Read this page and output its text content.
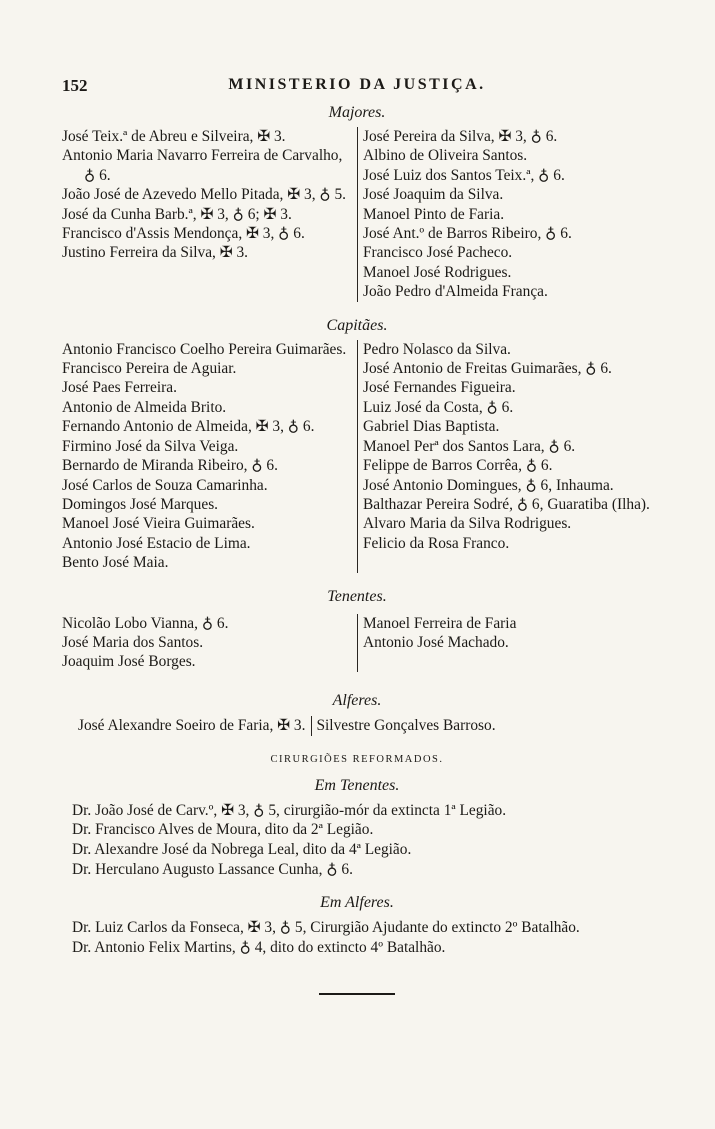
152	MINISTERIO DA JUSTIÇA.
Majores.
José Teix.ª de Abreu e Silveira, ✠ 3.
Antonio Maria Navarro Ferreira de Carvalho, ♁ 6.
João José de Azevedo Mello Pitada, ✠ 3, ♁ 5.
José da Cunha Barb.ª, ✠ 3, ♁ 6; ✠ 3.
Francisco d'Assis Mendonça, ✠ 3, ♁ 6.
Justino Ferreira da Silva, ✠ 3.
José Pereira da Silva, ✠ 3, ♁ 6.
Albino de Oliveira Santos.
José Luiz dos Santos Teix.ª, ♁ 6.
José Joaquim da Silva.
Manoel Pinto de Faria.
José Ant.º de Barros Ribeiro, ♁ 6.
Francisco José Pacheco.
Manoel José Rodrigues.
João Pedro d'Almeida França.
Capitães.
Antonio Francisco Coelho Pereira Guimarães.
Francisco Pereira de Aguiar.
José Paes Ferreira.
Antonio de Almeida Brito.
Fernando Antonio de Almeida, ✠ 3, ♁ 6.
Firmino José da Silva Veiga.
Bernardo de Miranda Ribeiro, ♁ 6.
José Carlos de Souza Camarinha.
Domingos José Marques.
Manoel José Vieira Guimarães.
Antonio José Estacio de Lima.
Bento José Maia.
Pedro Nolasco da Silva.
José Antonio de Freitas Guimarães, ♁ 6.
José Fernandes Figueira.
Luiz José da Costa, ♁ 6.
Gabriel Dias Baptista.
Manoel Perª dos Santos Lara, ♁ 6.
Felippe de Barros Corrêa, ♁ 6.
José Antonio Domingues, ♁ 6, Inhauma.
Balthazar Pereira Sodré, ♁ 6, Guaratiba (Ilha).
Alvaro Maria da Silva Rodrigues.
Felicio da Rosa Franco.
Tenentes.
Nicolão Lobo Vianna, ♁ 6.
José Maria dos Santos.
Joaquim José Borges.
Manoel Ferreira de Faria
Antonio José Machado.
Alferes.
José Alexandre Soeiro de Faria, ✠ 3. Silvestre Gonçalves Barroso.
CIRURGIÕES REFORMADOS.
Em Tenentes.
Dr. João José de Carv.º, ✠ 3, ♁ 5, cirurgião-mór da extincta 1ª Legião.
Dr. Francisco Alves de Moura, dito da 2ª Legião.
Dr. Alexandre José da Nobrega Leal, dito da 4ª Legião.
Dr. Herculano Augusto Lassance Cunha, ♁ 6.
Em Alferes.
Dr. Luiz Carlos da Fonseca, ✠ 3, ♁ 5, Cirurgião Ajudante do extincto 2º Batalhão.
Dr. Antonio Felix Martins, ♁ 4, dito do extincto 4º Batalhão.
